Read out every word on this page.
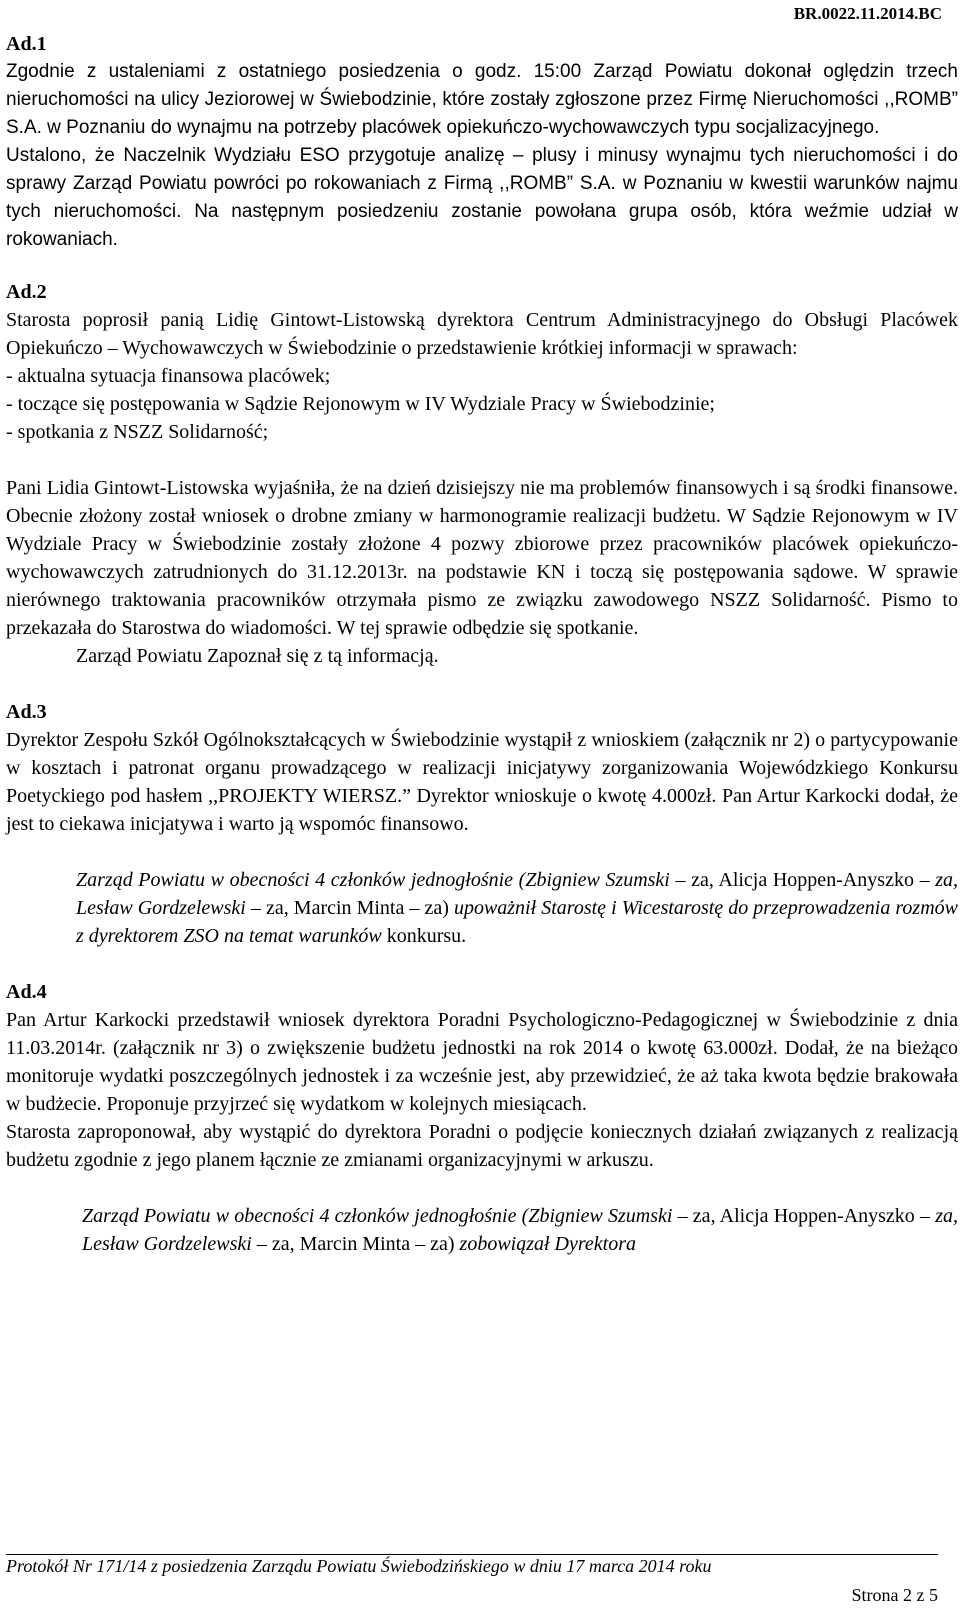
BR.0022.11.2014.BC

Ad.1

Zgodnie z ustaleniami z ostatniego posiedzenia o godz. 15:00 Zarząd Powiatu dokonał oględzin trzech nieruchomości na ulicy Jeziorowej w Świebodzinie, które zostały zgłoszone przez Firmę Nieruchomości ,,ROMB” S.A. w Poznaniu do wynajmu na potrzeby placówek opiekuńczo-wychowawczych typu socjalizacyjnego.

Ustalono, że Naczelnik Wydziału ESO przygotuje analizę – plusy i minusy wynajmu tych nieruchomości i do sprawy Zarząd Powiatu powróci po rokowaniach z Firmą ,,ROMB” S.A. w Poznaniu w kwestii warunków najmu tych nieruchomości. Na następnym posiedzeniu zostanie powołana grupa osób, która weźmie udział w rokowaniach.

Ad.2

Starosta poprosił panią Lidię Gintowt-Listowską dyrektora Centrum Administracyjnego do Obsługi Placówek Opiekuńczo – Wychowawczych w Świebodzinie o przedstawienie krótkiej informacji w sprawach:

- aktualna sytuacja finansowa placówek;

- toczące się postępowania w Sądzie Rejonowym w IV Wydziale Pracy w Świebodzinie;

- spotkania z NSZZ Solidarność;

Pani Lidia Gintowt-Listowska wyjaśniła, że na dzień dzisiejszy nie ma problemów finansowych i są środki finansowe. Obecnie złożony został wniosek o drobne zmiany w harmonogramie realizacji budżetu. W Sądzie Rejonowym w IV Wydziale Pracy w Świebodzinie zostały złożone 4 pozwy zbiorowe przez pracowników placówek opiekuńczo-wychowawczych zatrudnionych do 31.12.2013r. na podstawie KN i toczą się postępowania sądowe. W sprawie nierównego traktowania pracowników otrzymała pismo ze związku zawodowego NSZZ Solidarność. Pismo to przekazała do Starostwa do wiadomości. W tej sprawie odbędzie się spotkanie.

Zarząd Powiatu Zapoznał się z tą informacją.

Ad.3

Dyrektor Zespołu Szkół Ogólnokształcących w Świebodzinie wystąpił z wnioskiem (załącznik nr 2) o partycypowanie w kosztach i patronat organu prowadzącego w realizacji inicjatywy zorganizowania Wojewódzkiego Konkursu Poetyckiego pod hasłem ,,PROJEKTY WIERSZ.” Dyrektor wnioskuje o kwotę 4.000zł. Pan Artur Karkocki dodał, że jest to ciekawa inicjatywa i warto ją wspomóc finansowo.

Zarząd Powiatu w obecności 4 członków jednogłośnie (Zbigniew Szumski – za, Alicja Hoppen-Anyszko – za, Lesław Gordzelewski – za, Marcin Minta – za) upoważnił Starostę i Wicestarostę do przeprowadzenia rozmów z dyrektorem ZSO na temat warunków konkursu.

Ad.4

Pan Artur Karkocki przedstawił wniosek dyrektora Poradni Psychologiczno-Pedagogicznej w Świebodzinie z dnia 11.03.2014r. (załącznik nr 3) o zwiększenie budżetu jednostki na rok 2014 o kwotę 63.000zł. Dodał, że na bieżąco monitoruje wydatki poszczególnych jednostek i za wcześnie jest, aby przewidzieć, że aż taka kwota będzie brakowała w budżecie. Proponuje przyjrzeć się wydatkom w kolejnych miesiącach.

Starosta zaproponował, aby wystąpić do dyrektora Poradni o podjęcie koniecznych działań związanych z realizacją budżetu zgodnie z jego planem łącznie ze zmianami organizacyjnymi w arkuszu.

Zarząd Powiatu w obecności 4 członków jednogłośnie (Zbigniew Szumski – za, Alicja Hoppen-Anyszko – za, Lesław Gordzelewski – za, Marcin Minta – za) zobowiązał Dyrektora

Protokół Nr 171/14 z posiedzenia Zarządu Powiatu Świebodzińskiego w dniu 17 marca 2014 roku
Strona 2 z 5
